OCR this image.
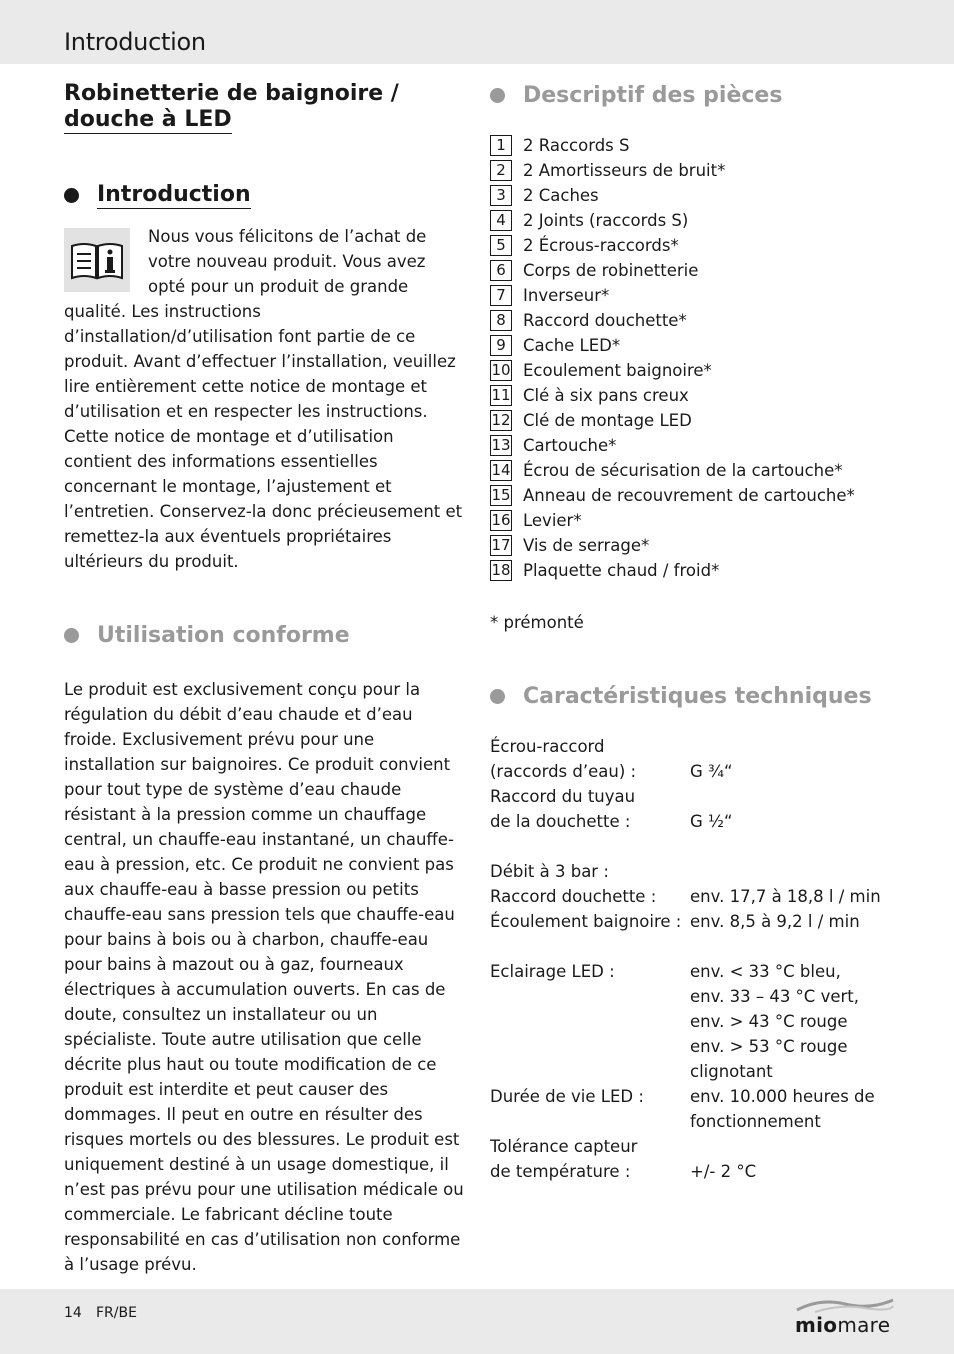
Introduction
Robinetterie de baignoire /
douche à LED
Introduction

Nous vous félicitons de l’achat de votre nouveau produit. Vous avez opté pour un produit de grande qualité. Les instructions d’installation/d’utilisation font partie de ce produit. Avant d’effectuer l’installation, veuillez lire entièrement cette notice de montage et d’utilisation et en respecter les instructions. Cette notice de montage et d’utilisation contient des informations essentielles concernant le montage, l’ajustement et l’entretien. Conservez-la donc précieusement et remettez-la aux éventuels propriétaires ultérieurs du produit.

Utilisation conforme

Le produit est exclusivement conçu pour la régulation du débit d’eau chaude et d’eau froide. Exclusivement prévu pour une installation sur baignoires. Ce produit convient pour tout type de système d’eau chaude résistant à la pression comme un chauffage central, un chauffe-eau instantané, un chauffe-eau à pression, etc. Ce produit ne convient pas aux chauffe-eau à basse pression ou petits chauffe-eau sans pression tels que chauffe-eau pour bains à bois ou à charbon, chauffe-eau pour bains à mazout ou à gaz, fourneaux électriques à accumulation ouverts. En cas de doute, consultez un installateur ou un spécialiste. Toute autre utilisation que celle décrite plus haut ou toute modification de ce produit est interdite et peut causer des dommages. Il peut en outre en résulter des risques mortels ou des blessures. Le produit est uniquement destiné à un usage domestique, il n’est pas prévu pour une utilisation médicale ou commerciale. Le fabricant décline toute responsabilité en cas d’utilisation non conforme à l’usage prévu.

Descriptif des pièces
1	2 Raccords S
2	2 Amortisseurs de bruit*
3	2 Caches
4	2 Joints (raccords S)
5	2 Écrous-raccords*
6	Corps de robinetterie
7	Inverseur*
8	Raccord douchette*
9	Cache LED*
10 Ecoulement baignoire*
11 Clé à six pans creux
12 Clé de montage LED
13 Cartouche*
14 Écrou de sécurisation de la cartouche*
15 Anneau de recouvrement de cartouche*
16 Levier*
17 Vis de serrage*
18 Plaquette chaud / froid*

* prémonté

Caractéristiques techniques
Écrou-raccord
(raccords d’eau) :	G ¾“
Raccord du tuyau
de la douchette :	G ½“

Débit à 3 bar :
Raccord douchette :	env. 17,7 à 18,8 l / min
Écoulement baignoire : env. 8,5 à 9,2 l / min

Eclairage LED :	env. < 33 °C bleu,

env. 33 – 43 °C vert,

env. > 43 °C rouge

env. > 53 °C rouge

clignotant
Durée de vie LED :	env. 10.000 heures de

fonctionnement
Tolérance capteur
de température :	+/- 2 °C
14 FR/BE	miomare
